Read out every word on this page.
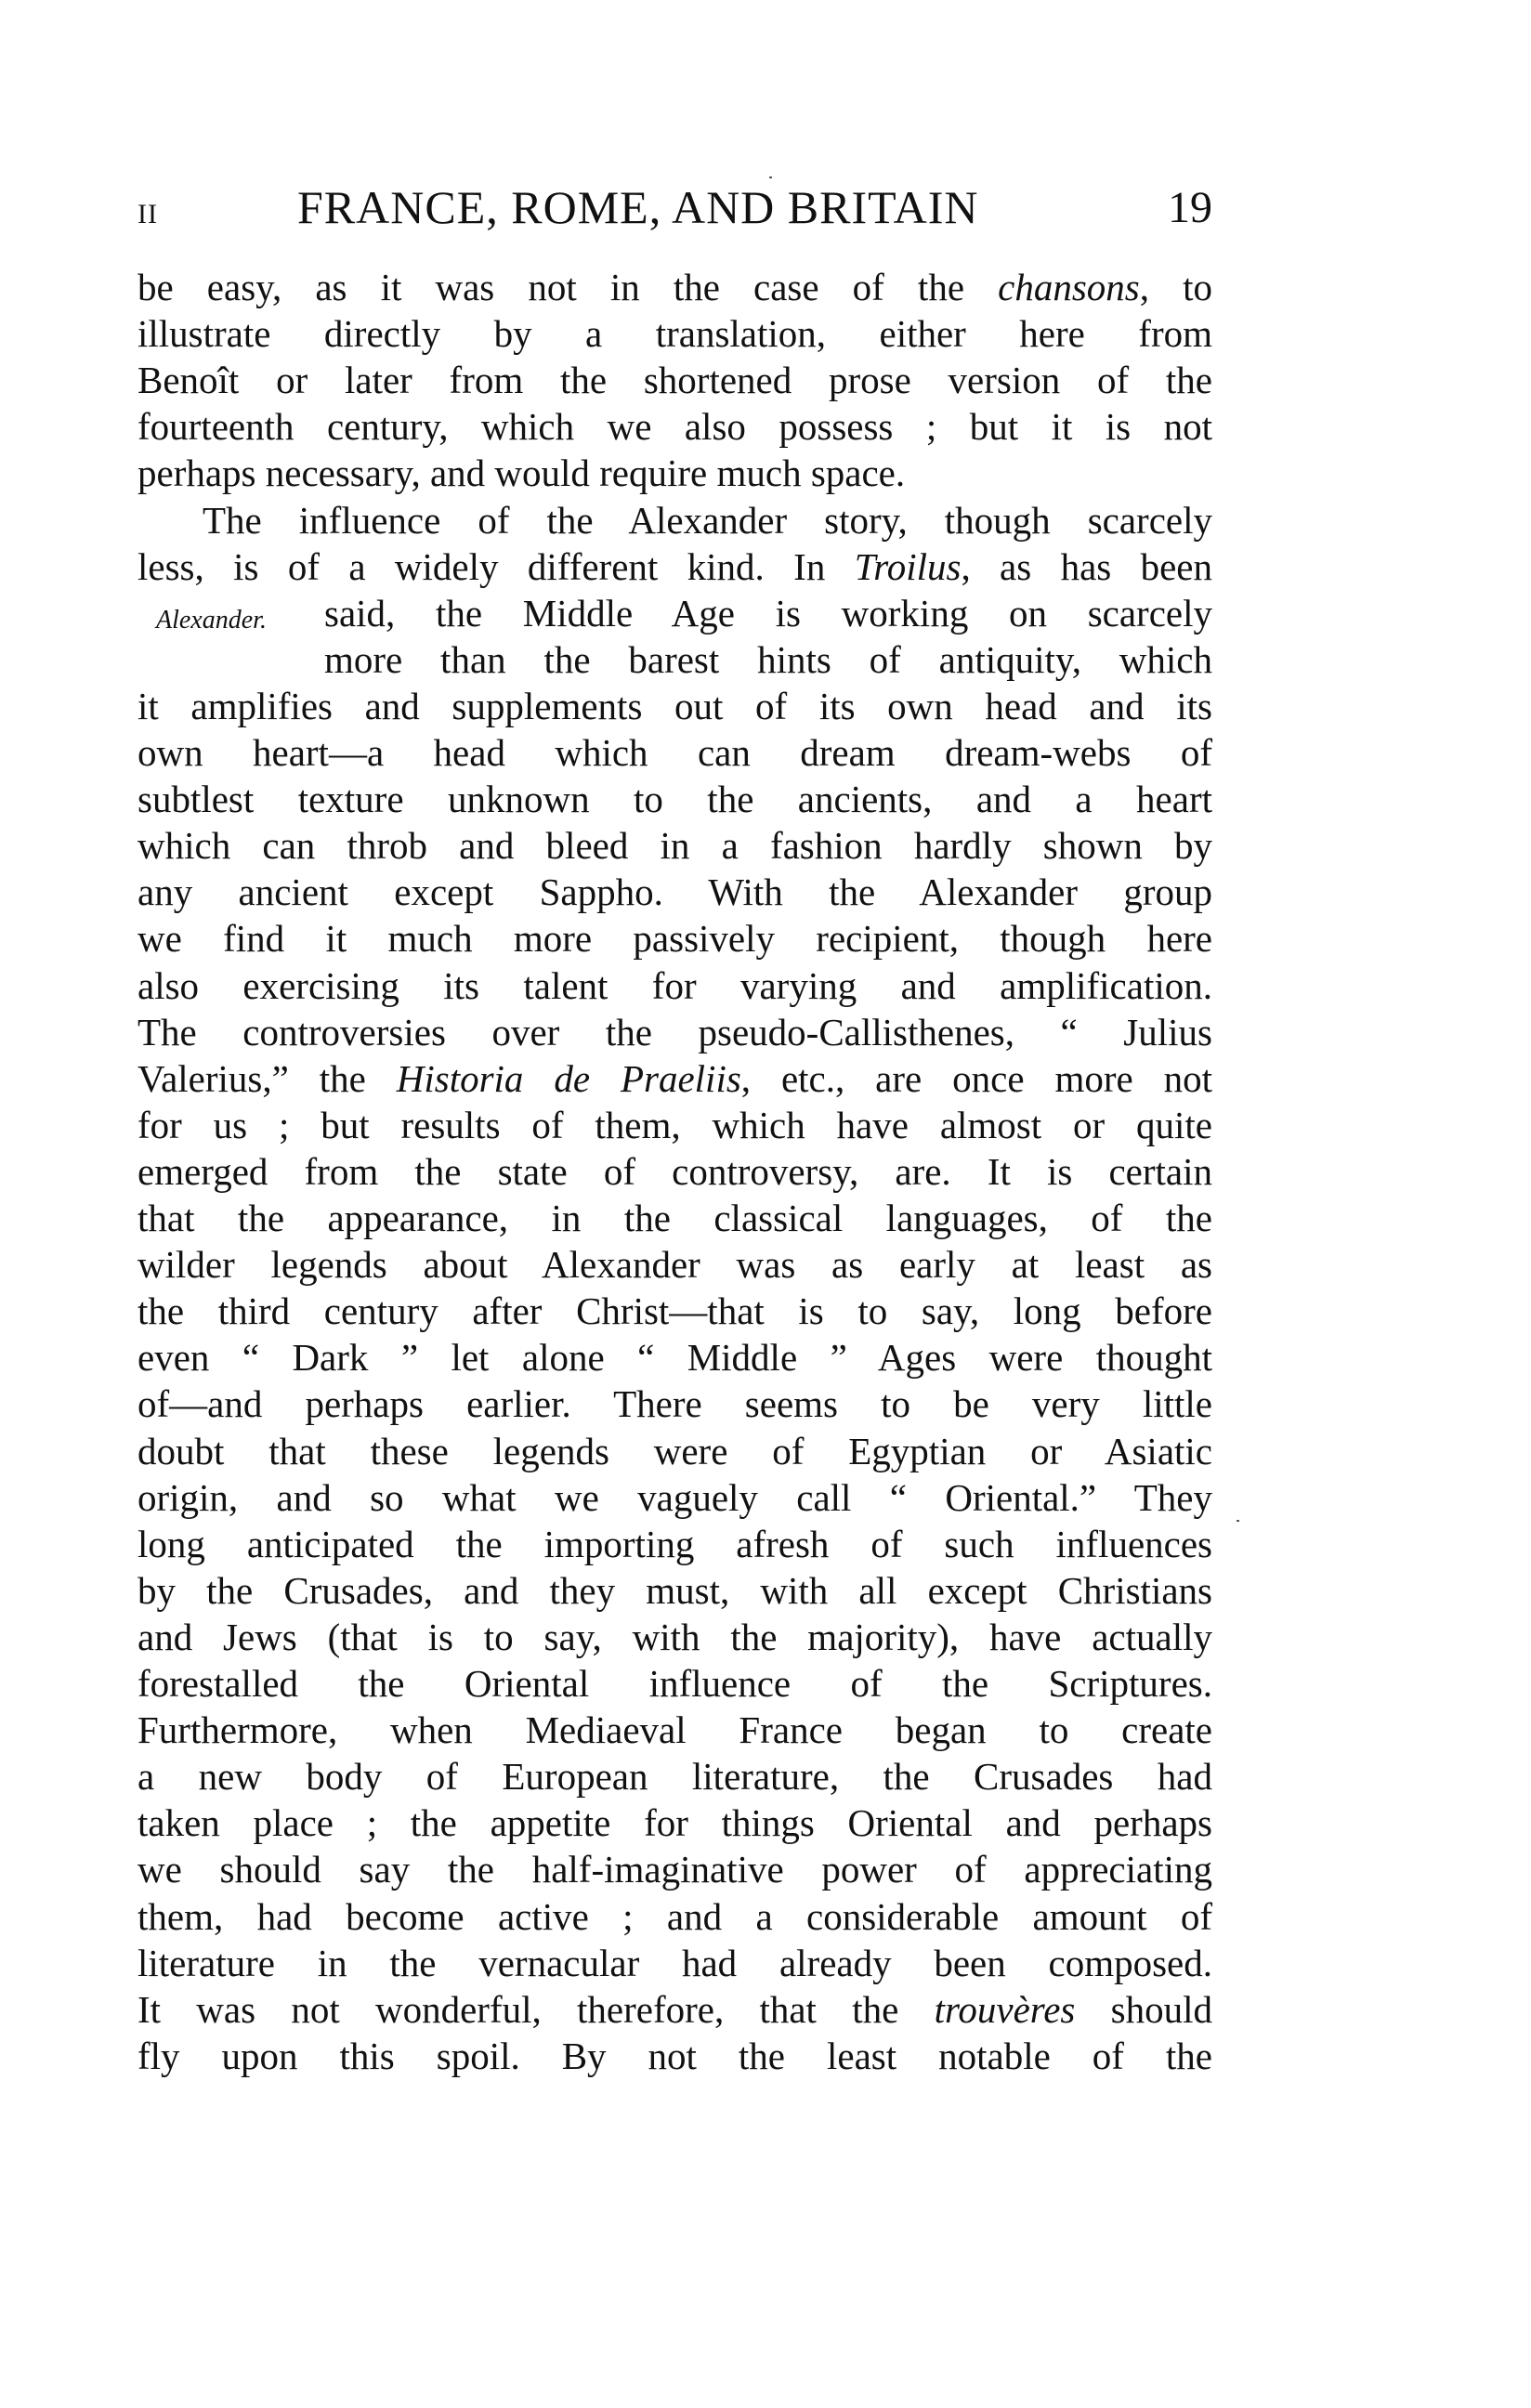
II	FRANCE, ROME, AND BRITAIN	19
Alexander.
be easy, as it was not in the case of the chansons, to
illustrate directly by a translation, either here from
Benoît or later from the shortened prose version of the
fourteenth century, which we also possess ; but it is not
perhaps necessary, and would require much space.
The influence of the Alexander story, though scarcely
less, is of a widely different kind. In Troilus, as has been
said, the Middle Age is working on scarcely
more than the barest hints of antiquity, which
it amplifies and supplements out of its own head and its
own heart—a head which can dream dream-webs of
subtlest texture unknown to the ancients, and a heart
which can throb and bleed in a fashion hardly shown by
any ancient except Sappho. With the Alexander group
we find it much more passively recipient, though here
also exercising its talent for varying and amplification.
The controversies over the pseudo-Callisthenes, “ Julius
Valerius,” the Historia de Praeliis, etc., are once more not
for us ; but results of them, which have almost or quite
emerged from the state of controversy, are. It is certain
that the appearance, in the classical languages, of the
wilder legends about Alexander was as early at least as
the third century after Christ—that is to say, long before
even “ Dark ” let alone “ Middle ” Ages were thought
of—and perhaps earlier. There seems to be very little
doubt that these legends were of Egyptian or Asiatic
origin, and so what we vaguely call “ Oriental.” They
long anticipated the importing afresh of such influences
by the Crusades, and they must, with all except Christians
and Jews (that is to say, with the majority), have actually
forestalled the Oriental influence of the Scriptures.
Furthermore, when Mediaeval France began to create
a new body of European literature, the Crusades had
taken place ; the appetite for things Oriental and perhaps
we should say the half-imaginative power of appreciating
them, had become active ; and a considerable amount of
literature in the vernacular had already been composed.
It was not wonderful, therefore, that the trouvères should
fly upon this spoil. By not the least notable of the
